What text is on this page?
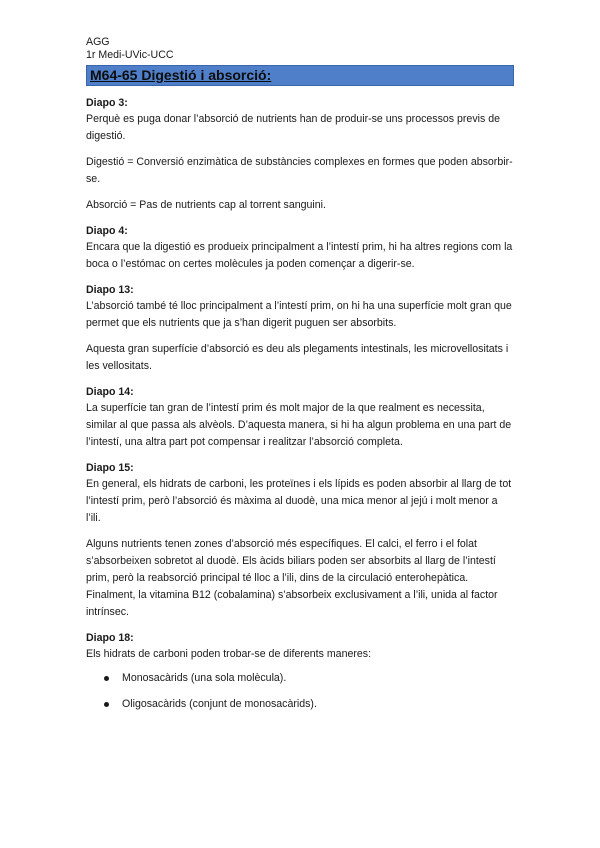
AGG
1r Medi-UVic-UCC
M64-65 Digestió i absorció:
Diapo 3:

Perquè es puga donar l’absorció de nutrients han de produir-se uns processos previs de digestió.

Digestió = Conversió enzimàtica de substàncies complexes en formes que poden absorbir-se.

Absorció = Pas de nutrients cap al torrent sanguini.

Diapo 4:

Encara que la digestió es produeix principalment a l’intestí prim, hi ha altres regions com la boca o l’estómac on certes molècules ja poden començar a digerir-se.

Diapo 13:

L’absorció també té lloc principalment a l’intestí prim, on hi ha una superfície molt gran que permet que els nutrients que ja s’han digerit puguen ser absorbits.

Aquesta gran superfície d’absorció es deu als plegaments intestinals, les microvellositats i les vellositats.

Diapo 14:

La superfície tan gran de l’intestí prim és molt major de la que realment es necessita, similar al que passa als alvèols. D’aquesta manera, si hi ha algun problema en una part de l’intestí, una altra part pot compensar i realitzar l’absorció completa.

Diapo 15:

En general, els hidrats de carboni, les proteïnes i els lípids es poden absorbir al llarg de tot l’intestí prim, però l’absorció és màxima al duodè, una mica menor al jejú i molt menor a l’ili.

Alguns nutrients tenen zones d’absorció més específiques. El calci, el ferro i el folat s’absorbeixen sobretot al duodè. Els àcids biliars poden ser absorbits al llarg de l’intestí prim, però la reabsorció principal té lloc a l’ili, dins de la circulació enterohepàtica. Finalment, la vitamina B12 (cobalamina) s’absorbeix exclusivament a l’ili, unida al factor intrínsec.

Diapo 18:

Els hidrats de carboni poden trobar-se de diferents maneres:

Monosacàrids (una sola molècula).
Oligosacàrids (conjunt de monosacàrids).
